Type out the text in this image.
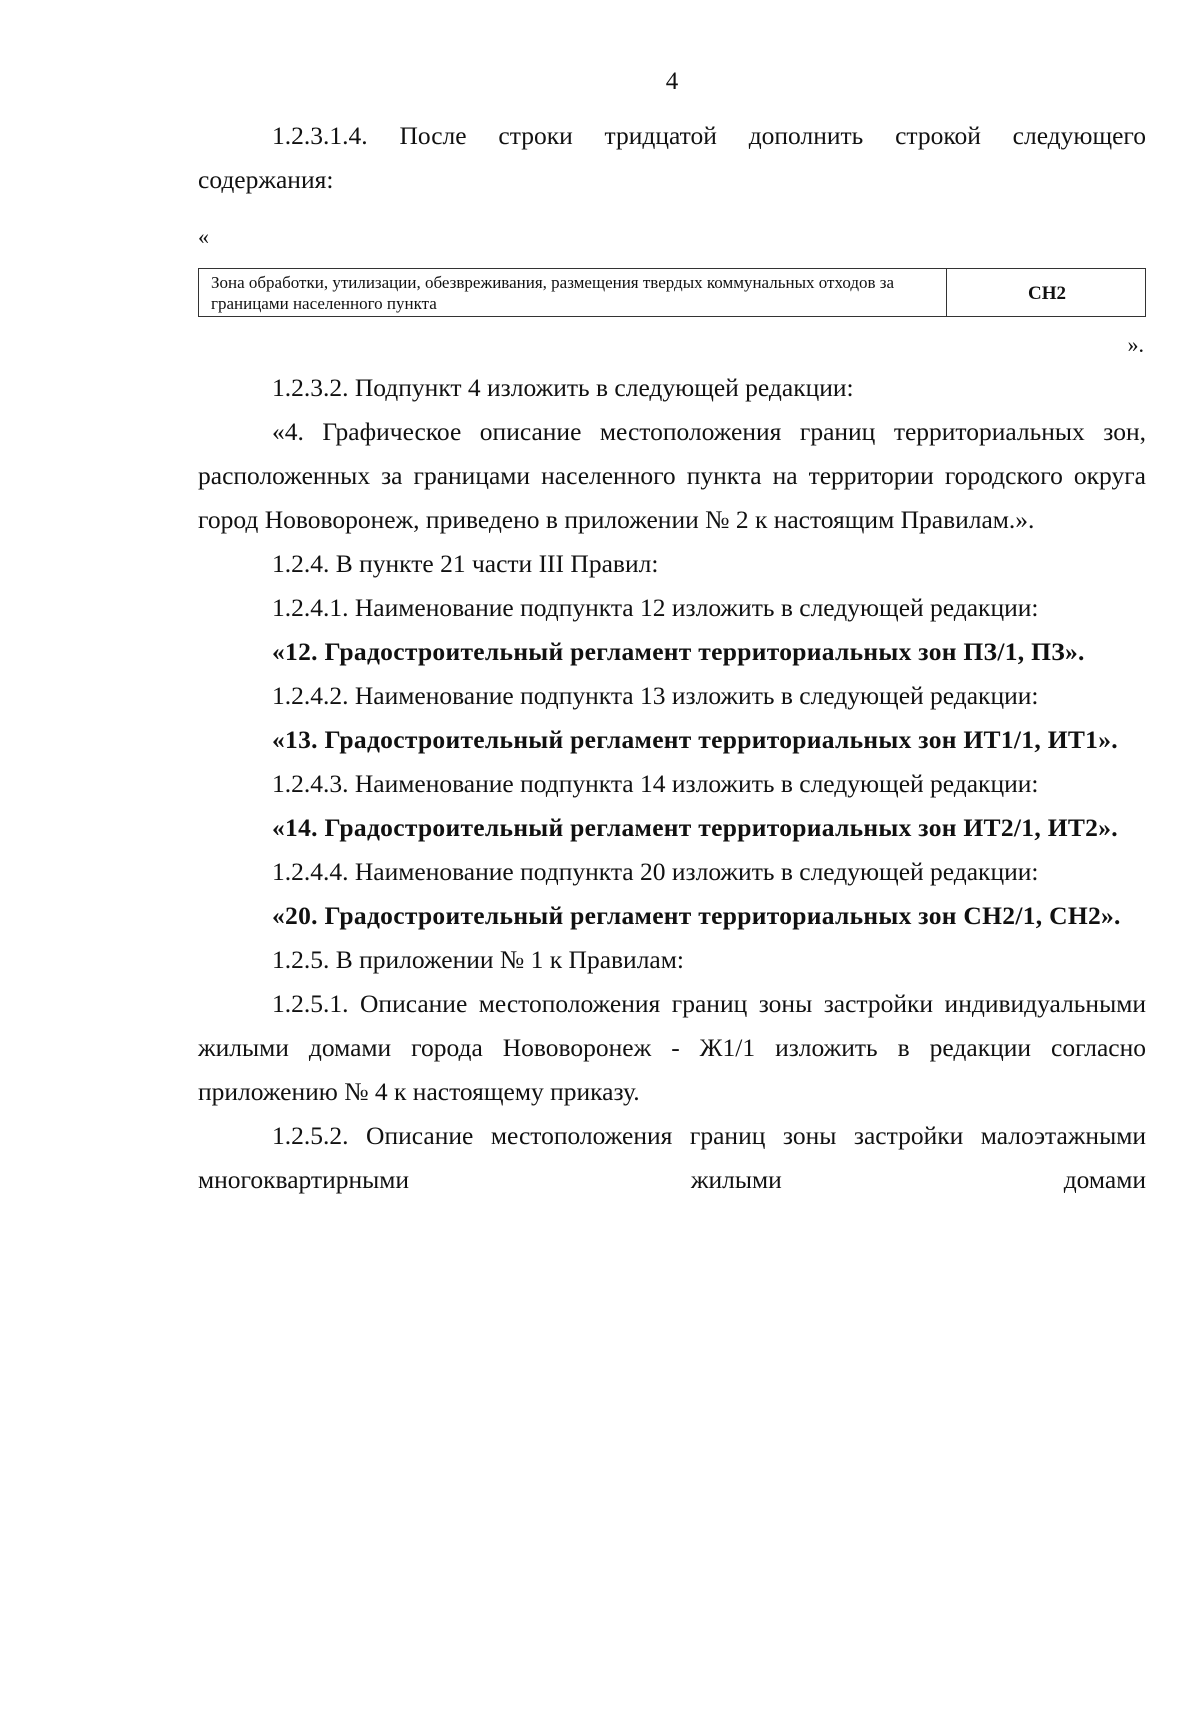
4

1.2.3.1.4. После строки тридцатой дополнить строкой следующего

содержания:

«
Зона обработки, утилизации, обезвреживания, размещения твердых коммунальных отходов за границами населенного пункта	СН2
».

1.2.3.2. Подпункт 4 изложить в следующей редакции:

«4. Графическое описание местоположения границ территориальных зон, расположенных за границами населенного пункта на территории городского округа город Нововоронеж, приведено в приложении № 2 к настоящим Правилам.».

1.2.4. В пункте 21 части III Правил:

1.2.4.1. Наименование подпункта 12 изложить в следующей редакции:

«12. Градостроительный регламент территориальных зон ПЗ/1, ПЗ».

1.2.4.2. Наименование подпункта 13 изложить в следующей редакции:

«13. Градостроительный регламент территориальных зон ИТ1/1, ИТ1».

1.2.4.3. Наименование подпункта 14 изложить в следующей редакции:

«14. Градостроительный регламент территориальных зон ИТ2/1, ИТ2».

1.2.4.4. Наименование подпункта 20 изложить в следующей редакции:

«20. Градостроительный регламент территориальных зон СН2/1, СН2».

1.2.5. В приложении № 1 к Правилам:

1.2.5.1. Описание местоположения границ зоны застройки индивидуальными жилыми домами города Нововоронеж - Ж1/1 изложить в редакции согласно приложению № 4 к настоящему приказу.

1.2.5.2. Описание местоположения границ зоны застройки малоэтажными многоквартирными жилыми домами
